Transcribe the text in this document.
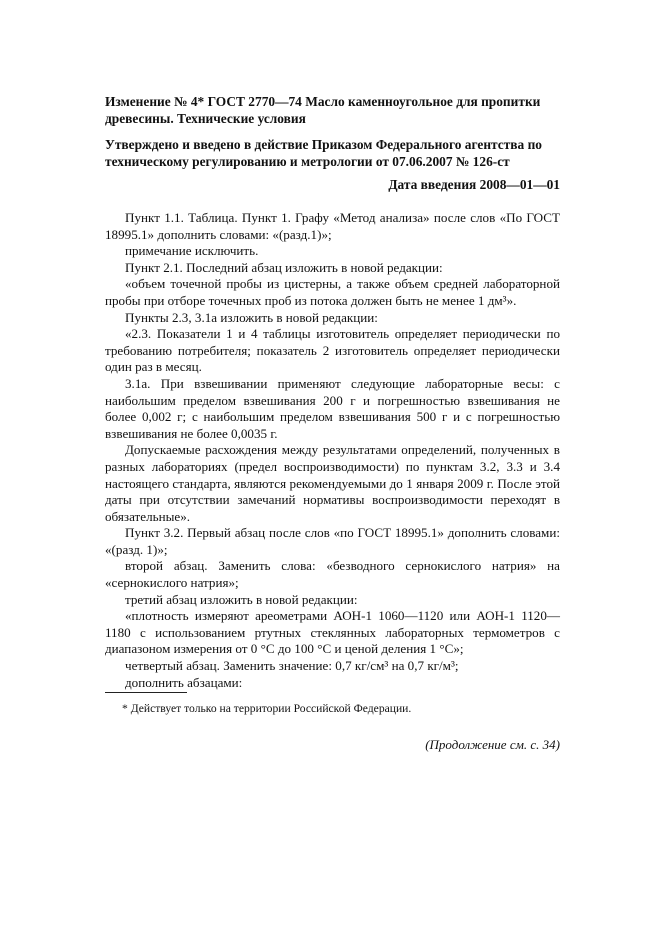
Изменение № 4* ГОСТ 2770—74 Масло каменноугольное для пропитки

древесины. Технические условия

Утверждено и введено в действие Приказом Федерального агентства по

техническому регулированию и метрологии от 07.06.2007 № 126-ст

Дата введения 2008—01—01

Пункт 1.1. Таблица. Пункт 1. Графу «Метод анализа» после слов «По ГОСТ 18995.1» дополнить словами: «(разд.1)»;

примечание исключить.

Пункт 2.1. Последний абзац изложить в новой редакции:

«объем точечной пробы из цистерны, а также объем средней лабораторной пробы при отборе точечных проб из потока должен быть не менее 1 дм³».

Пункты 2.3, 3.1а изложить в новой редакции:

«2.3. Показатели 1 и 4 таблицы изготовитель определяет периодически по требованию потребителя; показатель 2 изготовитель определяет периодически один раз в месяц.

3.1а. При взвешивании применяют следующие лабораторные весы: с наибольшим пределом взвешивания 200 г и погрешностью взвешивания не более 0,002 г; с наибольшим пределом взвешивания 500 г и с погрешностью взвешивания не более 0,0035 г.

Допускаемые расхождения между результатами определений, полученных в разных лабораториях (предел воспроизводимости) по пунктам 3.2, 3.3 и 3.4 настоящего стандарта, являются рекомендуемыми до 1 января 2009 г. После этой даты при отсутствии замечаний нормативы воспроизводимости переходят в обязательные».

Пункт 3.2. Первый абзац после слов «по ГОСТ 18995.1» дополнить словами: «(разд. 1)»;

второй абзац. Заменить слова: «безводного сернокислого натрия» на «сернокислого натрия»;

третий абзац изложить в новой редакции:

«плотность измеряют ареометрами АОН-1 1060—1120 или АОН-1 1120—1180 с использованием ртутных стеклянных лабораторных термометров с диапазоном измерения от 0 °С до 100 °С и ценой деления 1 °С»;

четвертый абзац. Заменить значение: 0,7 кг/см³ на 0,7 кг/м³;

дополнить абзацами:

* Действует только на территории Российской Федерации.
(Продолжение см. с. 34)
